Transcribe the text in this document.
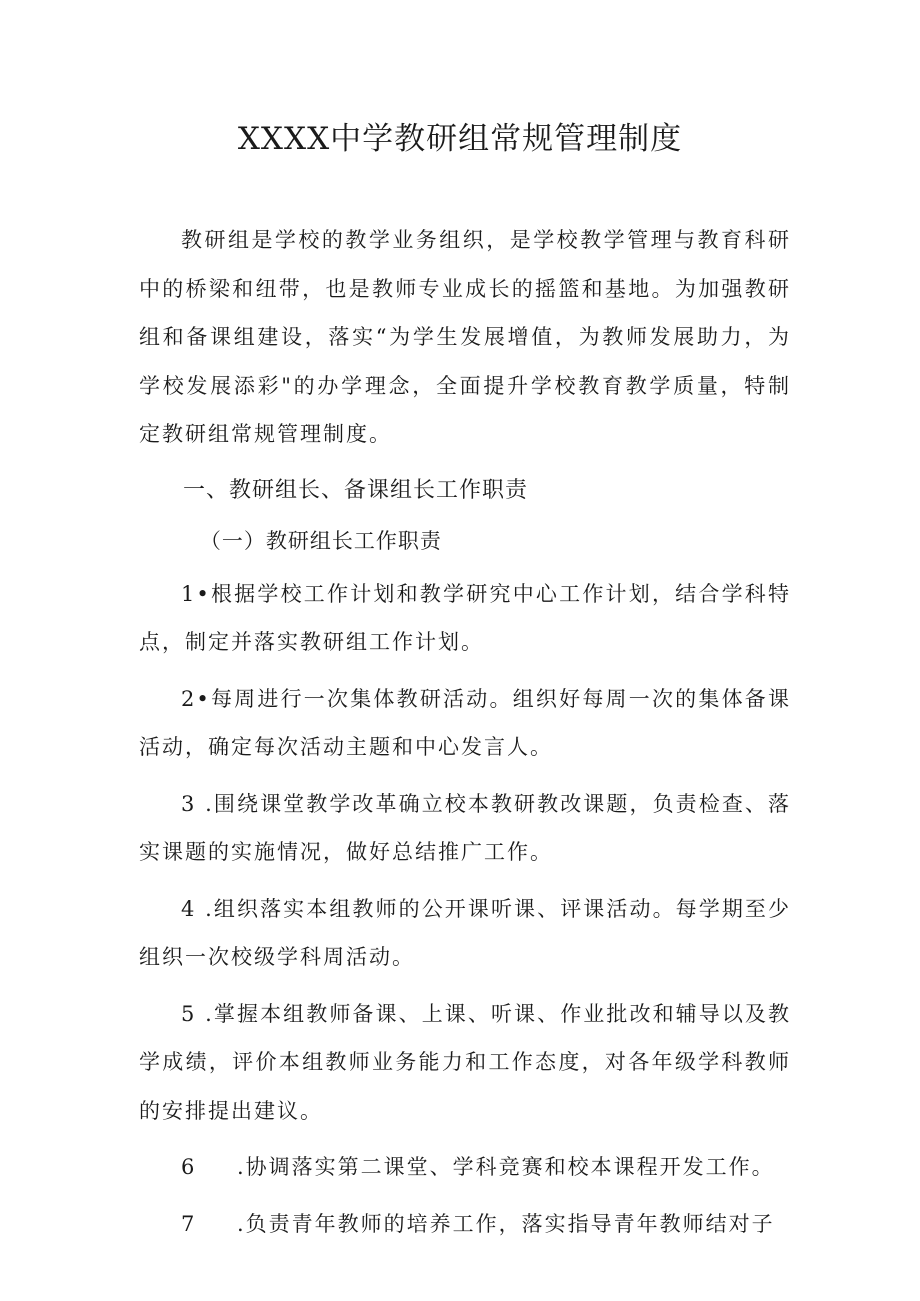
XXXX中学教研组常规管理制度

教研组是学校的教学业务组织，是学校教学管理与教育科研中的桥梁和纽带，也是教师专业成长的摇篮和基地。为加强教研组和备课组建设，落实“为学生发展增值，为教师发展助力，为学校发展添彩"的办学理念，全面提升学校教育教学质量，特制定教研组常规管理制度。

一、教研组长、备课组长工作职责

（一）教研组长工作职责

1•根据学校工作计划和教学研究中心工作计划，结合学科特点，制定并落实教研组工作计划。

2•每周进行一次集体教研活动。组织好每周一次的集体备课活动，确定每次活动主题和中心发言人。

3 .围绕课堂教学改革确立校本教研教改课题，负责检查、落实课题的实施情况，做好总结推广工作。

4 .组织落实本组教师的公开课听课、评课活动。每学期至少组织一次校级学科周活动。

5 .掌握本组教师备课、上课、听课、作业批改和辅导以及教学成绩，评价本组教师业务能力和工作态度，对各年级学科教师的安排提出建议。

6 .协调落实第二课堂、学科竞赛和校本课程开发工作。

7 .负责青年教师的培养工作，落实指导青年教师结对子
